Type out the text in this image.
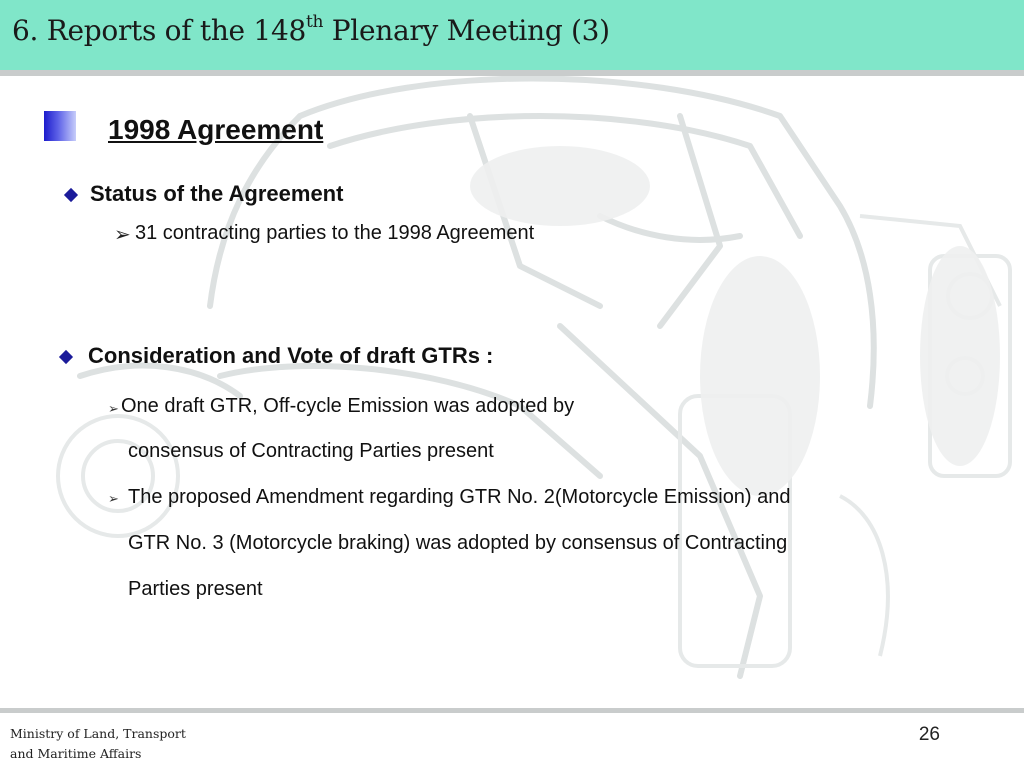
6. Reports of the 148th Plenary Meeting (3)
1998 Agreement
Status of the Agreement
➢ 31 contracting parties to the 1998 Agreement
Consideration and Vote of draft GTRs :
➢ One draft GTR, Off-cycle Emission was adopted by
consensus of Contracting Parties present
➢ The proposed Amendment regarding GTR No. 2(Motorcycle Emission) and
GTR No. 3 (Motorcycle braking) was adopted by consensus of Contracting
Parties present
Ministry of Land, Transport
and Maritime Affairs
26
